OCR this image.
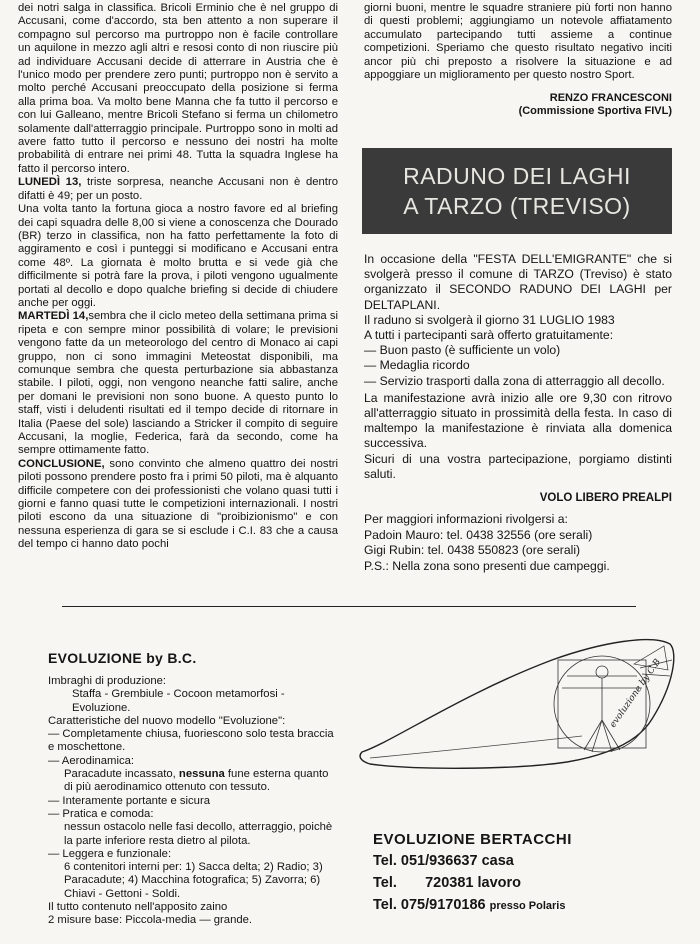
dei notri salga in classifica. Bricoli Erminio che è nel gruppo di Accusani, come d'accordo, sta ben attento a non superare il compagno sul percorso ma purtroppo non è facile controllare un aquilone in mezzo agli altri e resosi conto di non riuscire più ad individuare Accusani decide di atterrare in Austria che è l'unico modo per prendere zero punti; purtroppo non è servito a molto perché Accusani preoccupato della posizione si ferma alla prima boa. Va molto bene Manna che fa tutto il percorso e con lui Galleano, mentre Bricoli Stefano si ferma un chilometro solamente dall'atterraggio principale. Purtroppo sono in molti ad avere fatto tutto il percorso e nessuno dei nostri ha molte probabilità di entrare nei primi 48. Tutta la squadra Inglese ha fatto il percorso intero.

LUNEDÌ 13, triste sorpresa, neanche Accusani non è dentro difatti è 49; per un posto.

Una volta tanto la fortuna gioca a nostro favore ed al briefing dei capi squadra delle 8,00 si viene a conoscenza che Dourado (BR) terzo in classifica, non ha fatto perfettamente la foto di aggiramento e così i punteggi si modificano e Accusani entra come 48º. La giornata è molto brutta e si vede già che difficilmente si potrà fare la prova, i piloti vengono ugualmente portati al decollo e dopo qualche briefing si decide di chiudere anche per oggi.

MARTEDÌ 14,sembra che il ciclo meteo della settimana prima si ripeta e con sempre minor possibilità di volare; le previsioni vengono fatte da un meteorologo del centro di Monaco ai capi gruppo, non ci sono immagini Meteostat disponibili, ma comunque sembra che questa perturbazione sia abbastanza stabile. I piloti, oggi, non vengono neanche fatti salire, anche per domani le previsioni non sono buone. A questo punto lo staff, visti i deludenti risultati ed il tempo decide di ritornare in Italia (Paese del sole) lasciando a Stricker il compito di seguire Accusani, la moglie, Federica, farà da secondo, come ha sempre ottimamente fatto.

CONCLUSIONE, sono convinto che almeno quattro dei nostri piloti possono prendere posto fra i primi 50 piloti, ma è alquanto difficile competere con dei professionisti che volano quasi tutti i giorni e fanno quasi tutte le competizioni internazionali. I nostri piloti escono da una situazione di "proibizionismo" e con nessuna esperienza di gara se si esclude i C.I. 83 che a causa del tempo ci hanno dato pochi

giorni buoni, mentre le squadre straniere più forti non hanno di questi problemi; aggiungiamo un notevole affiatamento accumulato partecipando tutti assieme a continue competizioni. Speriamo che questo risultato negativo inciti ancor più chi preposto a risolvere la situazione e ad appoggiare un miglioramento per questo nostro Sport.

RENZO FRANCESCONI

(Commissione Sportiva FIVL)

RADUNO DEI LAGHI
A TARZO (TREVISO)

In occasione della "FESTA DELL'EMIGRANTE" che si svolgerà presso il comune di TARZO (Treviso) è stato organizzato il SECONDO RADUNO DEI LAGHI per DELTAPLANI.

Il raduno si svolgerà il giorno 31 LUGLIO 1983

A tutti i partecipanti sarà offerto gratuitamente:

— Buon pasto (è sufficiente un volo)

— Medaglia ricordo

— Servizio trasporti dalla zona di atterraggio all decollo.

La manifestazione avrà inizio alle ore 9,30 con ritrovo all'atterraggio situato in prossimità della festa. In caso di maltempo la manifestazione è rinviata alla domenica successiva.

Sicuri di una vostra partecipazione, porgiamo distinti saluti.

VOLO LIBERO PREALPI

Per maggiori informazioni rivolgersi a:

Padoin Mauro: tel. 0438 32556 (ore serali)

Gigi Rubin: tel. 0438 550823 (ore serali)

P.S.: Nella zona sono presenti due campeggi.

EVOLUZIONE by B.C.

Imbraghi di produzione:

Staffa - Grembiule - Cocoon metamorfosi - Evoluzione.

Caratteristiche del nuovo modello "Evoluzione":

— Completamente chiusa, fuoriescono solo testa braccia e moschettone.

— Aerodinamica:

Paracadute incassato, nessuna fune esterna quanto di più aerodinamico ottenuto con tessuto.

— Interamente portante e sicura

— Pratica e comoda:

nessun ostacolo nelle fasi decollo, atterraggio, poichè la parte inferiore resta dietro al pilota.

— Leggera e funzionale:

6 contenitori interni per: 1) Sacca delta; 2) Radio; 3) Paracadute; 4) Macchina fotografica; 5) Zavorra; 6) Chiavi - Gettoni - Soldi.

Il tutto contenuto nell'apposito zaino

2 misure base: Piccola-media — grande.

evoluzione by C.B
EVOLUZIONE BERTACCHI

Tel. 051/936637 casa

Tel. 720381 lavoro

Tel. 075/9170186 presso Polaris
